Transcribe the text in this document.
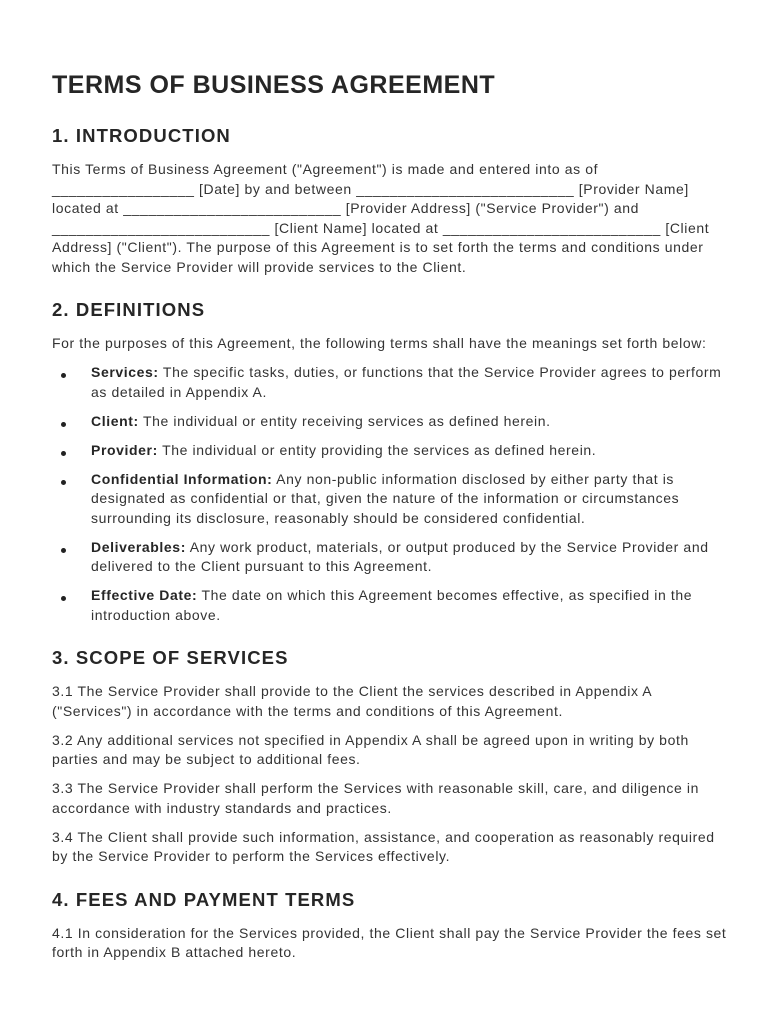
TERMS OF BUSINESS AGREEMENT
1. INTRODUCTION

This Terms of Business Agreement ("Agreement") is made and entered into as of _________________ [Date] by and between __________________________ [Provider Name] located at __________________________ [Provider Address] ("Service Provider") and __________________________ [Client Name] located at __________________________ [Client Address] ("Client"). The purpose of this Agreement is to set forth the terms and conditions under which the Service Provider will provide services to the Client.

2. DEFINITIONS

For the purposes of this Agreement, the following terms shall have the meanings set forth below:

Services: The specific tasks, duties, or functions that the Service Provider agrees to perform as detailed in Appendix A.
Client: The individual or entity receiving services as defined herein.
Provider: The individual or entity providing the services as defined herein.
Confidential Information: Any non-public information disclosed by either party that is designated as confidential or that, given the nature of the information or circumstances surrounding its disclosure, reasonably should be considered confidential.
Deliverables: Any work product, materials, or output produced by the Service Provider and delivered to the Client pursuant to this Agreement.
Effective Date: The date on which this Agreement becomes effective, as specified in the introduction above.
3. SCOPE OF SERVICES

3.1 The Service Provider shall provide to the Client the services described in Appendix A ("Services") in accordance with the terms and conditions of this Agreement.

3.2 Any additional services not specified in Appendix A shall be agreed upon in writing by both parties and may be subject to additional fees.

3.3 The Service Provider shall perform the Services with reasonable skill, care, and diligence in accordance with industry standards and practices.

3.4 The Client shall provide such information, assistance, and cooperation as reasonably required by the Service Provider to perform the Services effectively.

4. FEES AND PAYMENT TERMS

4.1 In consideration for the Services provided, the Client shall pay the Service Provider the fees set forth in Appendix B attached hereto.
